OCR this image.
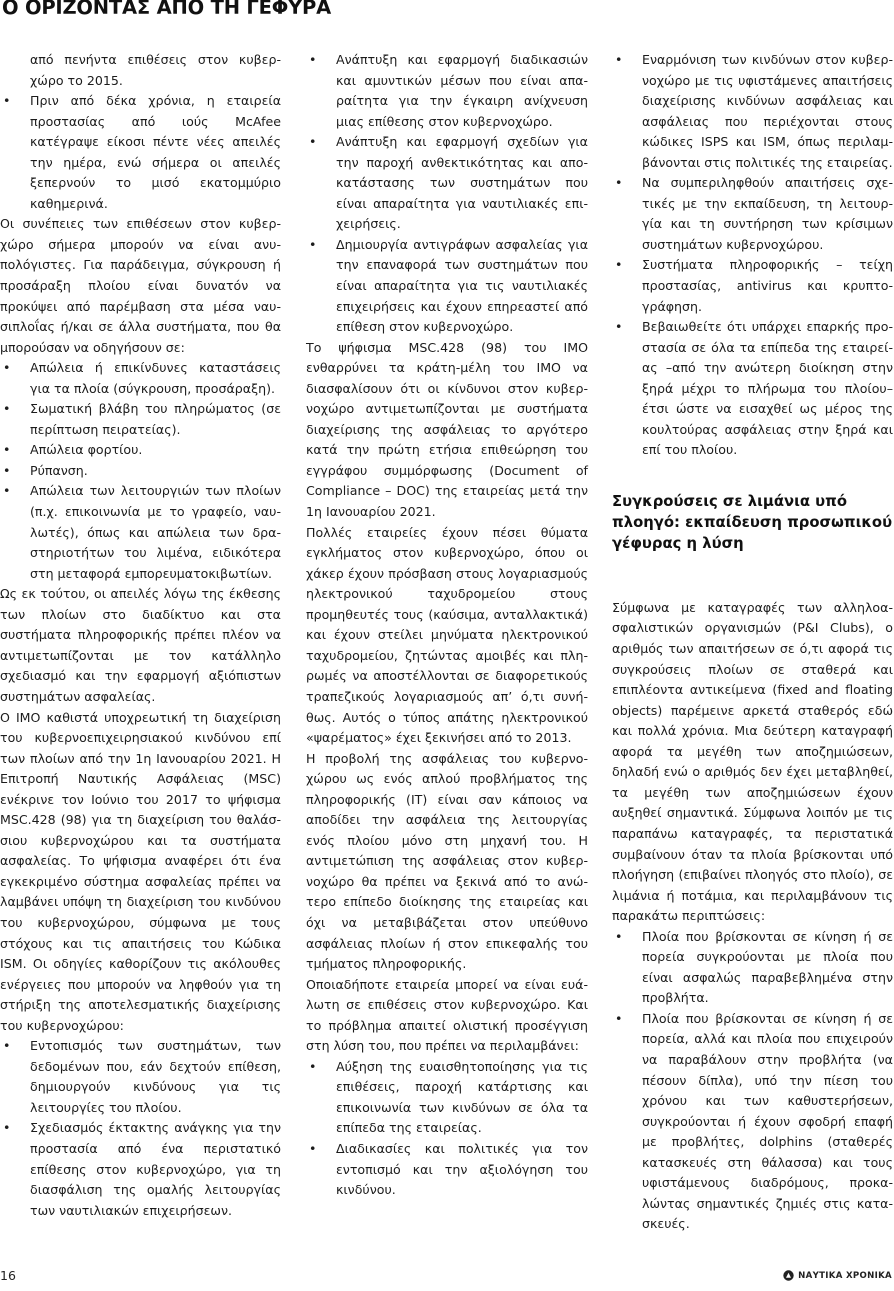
Ο ΟΡΙΖΟΝΤΑΣ ΑΠΟ ΤΗ ΓΕΦΥΡΑ

από πενήντα επιθέσεις στον κυβερχώρο το 2015.

• Πριν από δέκα χρόνια, η εταιρεία προστασίας από ιούς McAfee κατέγραψε είκοσι πέντε νέες απειλές την ημέρα, ενώ σήμερα οι απειλές ξεπερνούν το μισό εκατομμύριο καθημερινά.

Οι συνέπειες των επιθέσεων στον κυβερχώρο σήμερα μπορούν να είναι ανυπολόγιστες. Για παράδειγμα, σύγκρουση ή προσάραξη πλοίου είναι δυνατόν να προκύψει από παρέμβαση στα μέσα ναυσιπλοΐας ή/και σε άλλα συστήματα, που θα μπορούσαν να οδηγήσουν σε:

• Απώλεια ή επικίνδυνες καταστάσεις για τα πλοία (σύγκρουση, προσάραξη).
• Σωματική βλάβη του πληρώματος (σε περίπτωση πειρατείας).
• Απώλεια φορτίου.
• Ρύπανση.
• Απώλεια των λειτουργιών των πλοίων (π.χ. επικοινωνία με το γραφείο, ναυλωτές), όπως και απώλεια των δραστηριοτήτων του λιμένα, ειδικότερα στη μεταφορά εμπορευματοκιβωτίων.

Ως εκ τούτου, οι απειλές λόγω της έκθεσης των πλοίων στο διαδίκτυο και στα συστήματα πληροφορικής πρέπει πλέον να αντιμετωπίζονται με τον κατάλληλο σχεδιασμό και την εφαρμογή αξιόπιστων συστημάτων ασφαλείας.

Ο ΙΜΟ καθιστά υποχρεωτική τη διαχείριση του κυβερνοεπιχειρησιακού κινδύνου επί των πλοίων από την 1η Ιανουαρίου 2021. Η Επιτροπή Ναυτικής Ασφάλειας (MSC) ενέκρινε τον Ιούνιο του 2017 το ψήφισμα MSC.428 (98) για τη διαχείριση του θαλάσσιου κυβερνοχώρου και τα συστήματα ασφαλείας. Το ψήφισμα αναφέρει ότι ένα εγκεκριμένο σύστημα ασφαλείας πρέπει να λαμβάνει υπόψη τη διαχείριση του κινδύνου του κυβερνοχώρου, σύμφωνα με τους στόχους και τις απαιτήσεις του Κώδικα ISM. Οι οδηγίες καθορίζουν τις ακόλουθες ενέργειες που μπορούν να ληφθούν για τη στήριξη της αποτελεσματικής διαχείρισης του κυβερνοχώρου:

• Εντοπισμός των συστημάτων, των δεδομένων που, εάν δεχτούν επίθεση, δημιουργούν κινδύνους για τις λειτουργίες του πλοίου.
• Σχεδιασμός έκτακτης ανάγκης για την προστασία από ένα περιστατικό επίθεσης στον κυβερνοχώρο, για τη διασφάλιση της ομαλής λειτουργίας των ναυτιλιακών επιχειρήσεων.
• Ανάπτυξη και εφαρμογή διαδικασιών και αμυντικών μέσων που είναι απαραίτητα για την έγκαιρη ανίχνευση μιας επίθεσης στον κυβερνοχώρο.
• Ανάπτυξη και εφαρμογή σχεδίων για την παροχή ανθεκτικότητας και αποκατάστασης των συστημάτων που είναι απαραίτητα για ναυτιλιακές επιχειρήσεις.
• Δημιουργία αντιγράφων ασφαλείας για την επαναφορά των συστημάτων που είναι απαραίτητα για τις ναυτιλιακές επιχειρήσεις και έχουν επηρεαστεί από επίθεση στον κυβερνοχώρο.

Το ψήφισμα MSC.428 (98) του IMO ενθαρρύνει τα κράτη-μέλη του IMO να διασφαλίσουν ότι οι κίνδυνοι στον κυβερνοχώρο αντιμετωπίζονται με συστήματα διαχείρισης της ασφάλειας το αργότερο κατά την πρώτη ετήσια επιθεώρηση του εγγράφου συμμόρφωσης (Document of Compliance – DOC) της εταιρείας μετά την 1η Ιανουαρίου 2021.

Πολλές εταιρείες έχουν πέσει θύματα εγκλήματος στον κυβερνοχώρο, όπου οι χάκερ έχουν πρόσβαση στους λογαριασμούς ηλεκτρονικού ταχυδρομείου στους προμηθευτές τους (καύσιμα, ανταλλακτικά) και έχουν στείλει μηνύματα ηλεκτρονικού ταχυδρομείου, ζητώντας αμοιβές και πληρωμές να αποστέλλονται σε διαφορετικούς τραπεζικούς λογαριασμούς απ’ ό,τι συνήθως. Αυτός ο τύπος απάτης ηλεκτρονικού «ψαρέματος» έχει ξεκινήσει από το 2013.

Η προβολή της ασφάλειας του κυβερνοχώρου ως ενός απλού προβλήματος της πληροφορικής (IT) είναι σαν κάποιος να αποδίδει την ασφάλεια της λειτουργίας ενός πλοίου μόνο στη μηχανή του. Η αντιμετώπιση της ασφάλειας στον κυβερνοχώρο θα πρέπει να ξεκινά από το ανώτερο επίπεδο διοίκησης της εταιρείας και όχι να μεταβιβάζεται στον υπεύθυνο ασφάλειας πλοίων ή στον επικεφαλής του τμήματος πληροφορικής.

Οποιαδήποτε εταιρεία μπορεί να είναι ευάλωτη σε επιθέσεις στον κυβερνοχώρο. Και το πρόβλημα απαιτεί ολιστική προσέγγιση στη λύση του, που πρέπει να περιλαμβάνει:

• Αύξηση της ευαισθητοποίησης για τις επιθέσεις, παροχή κατάρτισης και επικοινωνία των κινδύνων σε όλα τα επίπεδα της εταιρείας.
• Διαδικασίες και πολιτικές για τον εντοπισμό και την αξιολόγηση του κινδύνου.
• Εναρμόνιση των κινδύνων στον κυβερνοχώρο με τις υφιστάμενες απαιτήσεις διαχείρισης κινδύνων ασφάλειας και ασφάλειας που περιέχονται στους κώδικες ISPS και ISM, όπως περιλαμβάνονται στις πολιτικές της εταιρείας.
• Να συμπεριληφθούν απαιτήσεις σχετικές με την εκπαίδευση, τη λειτουργία και τη συντήρηση των κρίσιμων συστημάτων κυβερνοχώρου.
• Συστήματα πληροφορικής – τείχη προστασίας, antivirus και κρυπτογράφηση.
• Βεβαιωθείτε ότι υπάρχει επαρκής προστασία σε όλα τα επίπεδα της εταιρείας –από την ανώτερη διοίκηση στην ξηρά μέχρι το πλήρωμα του πλοίου– έτσι ώστε να εισαχθεί ως μέρος της κουλτούρας ασφάλειας στην ξηρά και επί του πλοίου.
Συγκρούσεις σε λιμάνια υπό πλοηγό: εκπαίδευση προσωπικού γέφυρας η λύση

Σύμφωνα με καταγραφές των αλληλοασφαλιστικών οργανισμών (P&I Clubs), ο αριθμός των απαιτήσεων σε ό,τι αφορά τις συγκρούσεις πλοίων σε σταθερά και επιπλέοντα αντικείμενα (fixed and floating objects) παρέμεινε αρκετά σταθερός εδώ και πολλά χρόνια. Μια δεύτερη καταγραφή αφορά τα μεγέθη των αποζημιώσεων, δηλαδή ενώ ο αριθμός δεν έχει μεταβληθεί, τα μεγέθη των αποζημιώσεων έχουν αυξηθεί σημαντικά. Σύμφωνα λοιπόν με τις παραπάνω καταγραφές, τα περιστατικά συμβαίνουν όταν τα πλοία βρίσκονται υπό πλοήγηση (επιβαίνει πλοηγός στο πλοίο), σε λιμάνια ή ποτάμια, και περιλαμβάνουν τις παρακάτω περιπτώσεις:

• Πλοία που βρίσκονται σε κίνηση ή σε πορεία συγκρούονται με πλοία που είναι ασφαλώς παραβεβλημένα στην προβλήτα.
• Πλοία που βρίσκονται σε κίνηση ή σε πορεία, αλλά και πλοία που επιχειρούν να παραβάλουν στην προβλήτα (να πέσουν δίπλα), υπό την πίεση του χρόνου και των καθυστερήσεων, συγκρούονται ή έχουν σφοδρή επαφή με προβλήτες, dolphins (σταθερές κατασκευές στη θάλασσα) και τους υφιστάμενους διαδρόμους, προκαλώντας σημαντικές ζημιές στις κατασκευές.
16	ΝΑΥΤΙΚΑ ΧΡΟΝΙΚΑ
